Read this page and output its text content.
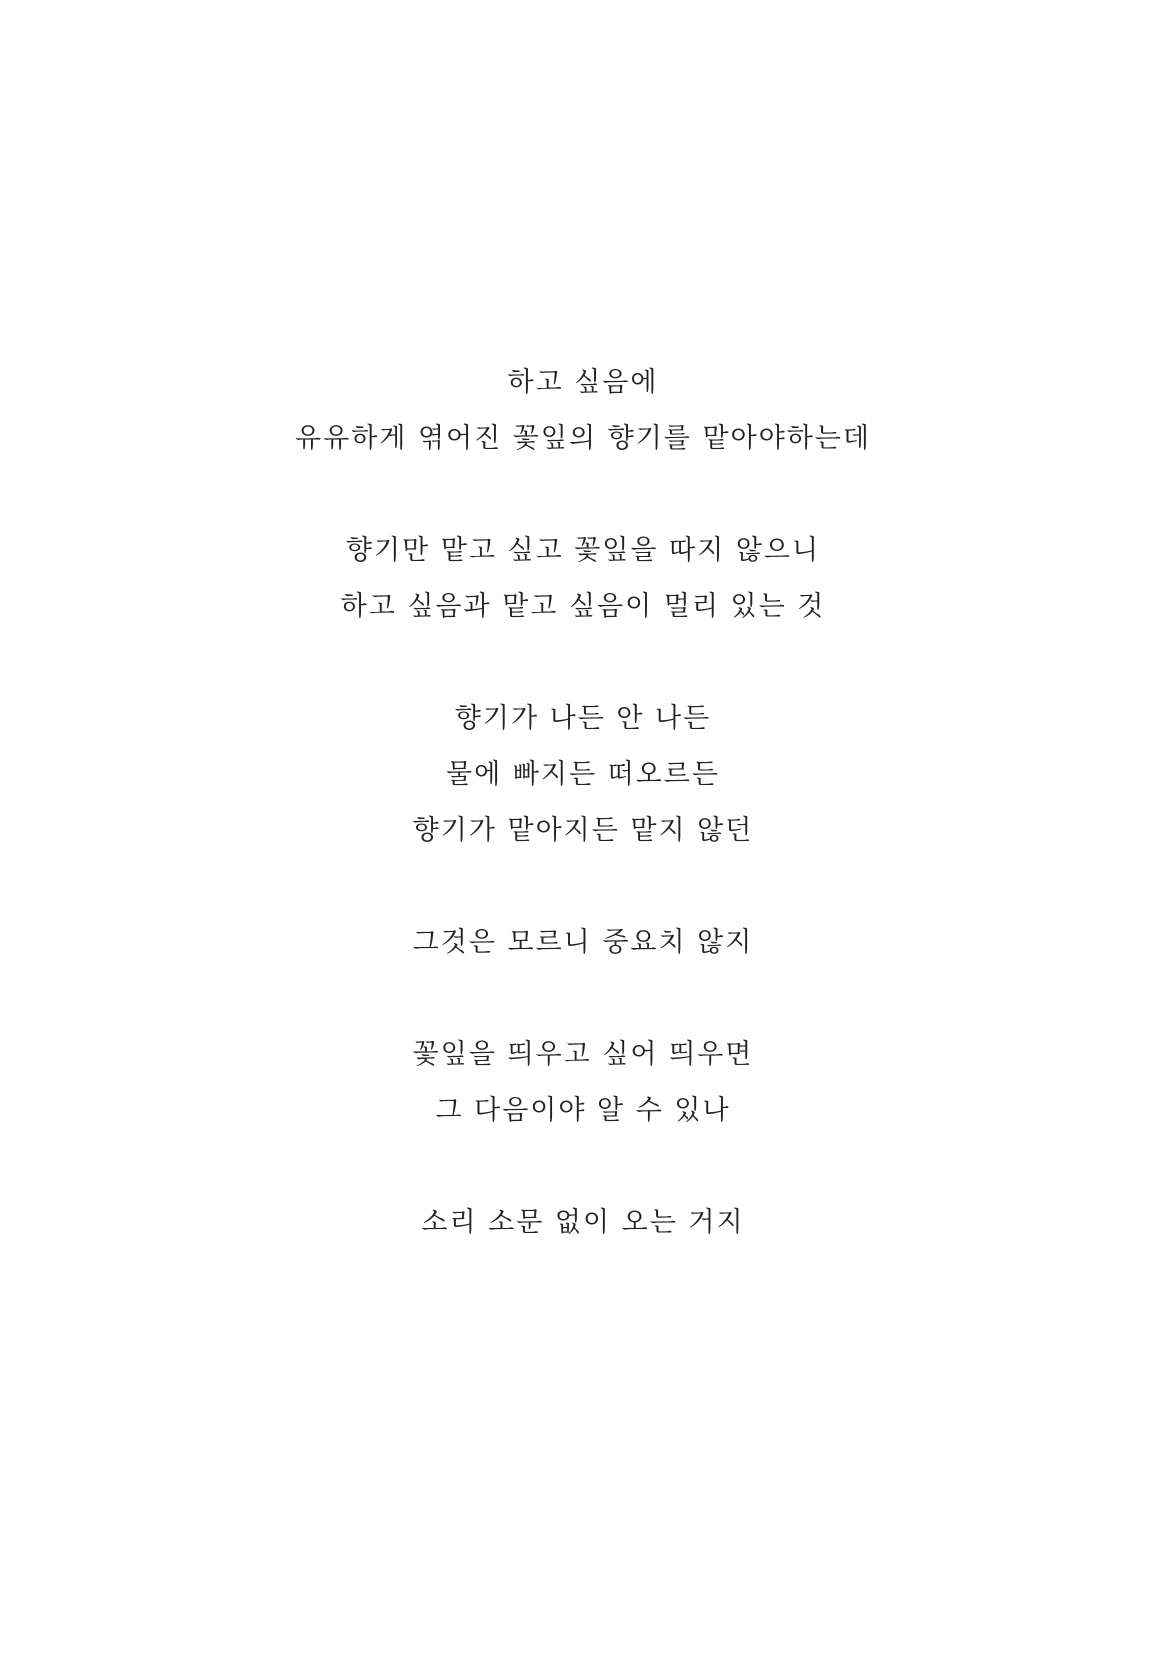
하고 싶음에
유유하게 엮어진 꽃잎의 향기를 맡아야하는데
향기만 맡고 싶고 꽃잎을 따지 않으니
하고 싶음과 맡고 싶음이 멀리 있는 것
향기가 나든 안 나든
물에 빠지든 떠오르든
향기가 맡아지든 맡지 않던
그것은 모르니 중요치 않지
꽃잎을 띄우고 싶어 띄우면
그 다음이야 알 수 있나
소리 소문 없이 오는 거지
